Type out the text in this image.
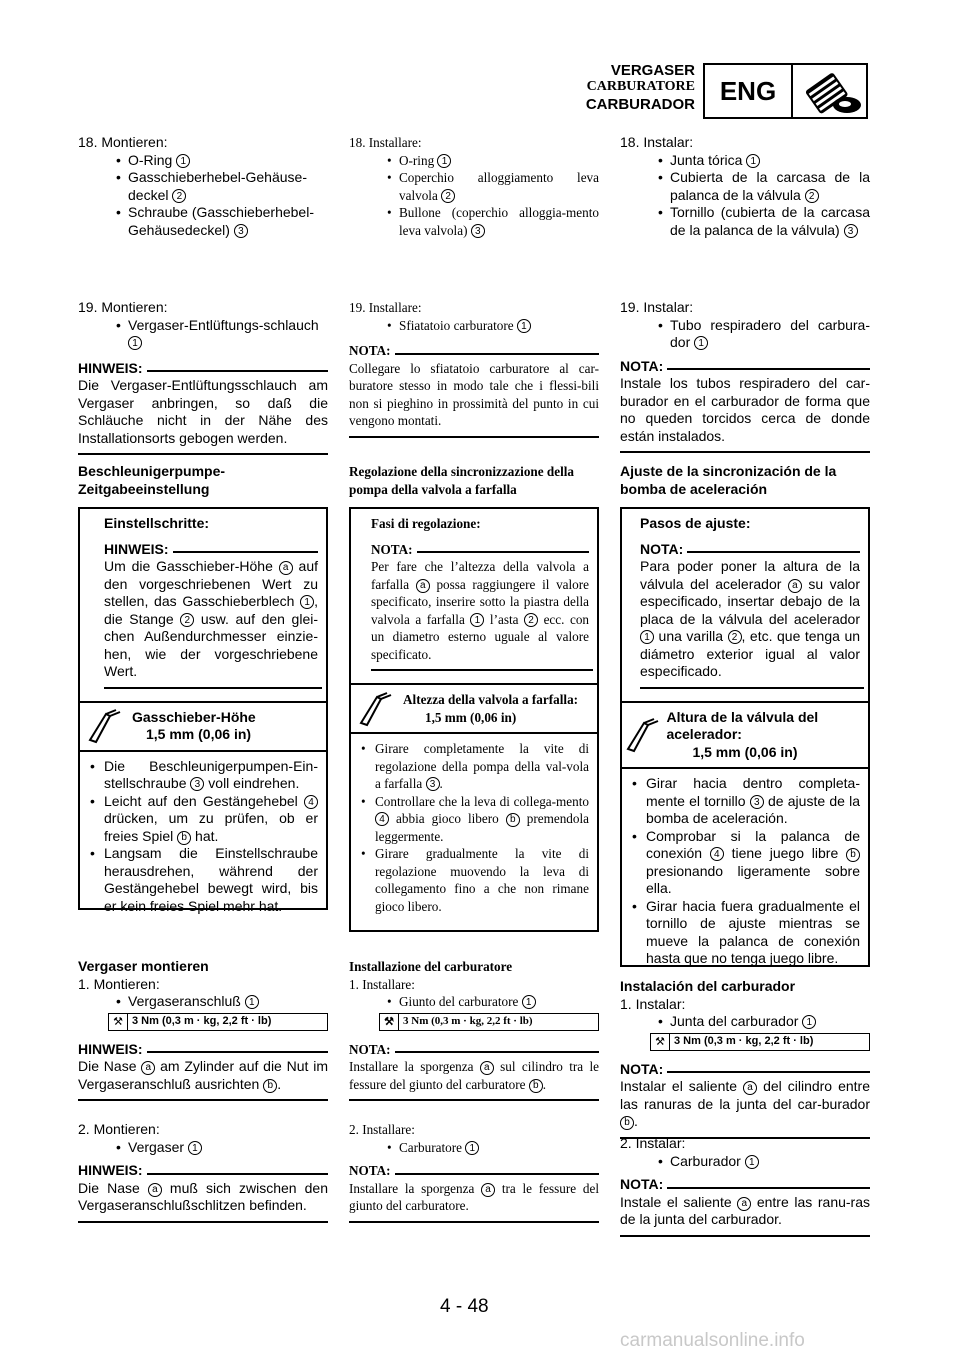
VERGASER
CARBURATORE
CARBURADOR ENG
18. Montieren:
• O-Ring 1
• Gasschieberhebel-Gehäuse-deckel 2
• Schraube (Gasschieberhebel-Gehäusedeckel) 3
19. Montieren:
• Vergaser-Entlüftungs-schlauch 1
HINWEIS:
Die Vergaser-Entlüftungsschlauch am Vergaser anbringen, so daß die Schläuche nicht in der Nähe des Installationsorts gebogen werden.
Beschleunigerpumpe-Zeitgabeeinstellung
Einstellschritte:
HINWEIS:
Um die Gasschieber-Höhe a auf den vorgeschriebenen Wert zu stellen, das Gasschieberblech 1 , die Stange 2 usw. auf den glei-chen Außendurchmesser einzie-hen, wie der vorgeschriebene Wert.
Gasschieber-Höhe
1,5 mm (0,06 in)
• Die Beschleunigerpumpen-Ein-stellschraube 3 voll eindrehen.
• Leicht auf den Gestängehebel 4 drücken, um zu prüfen, ob er freies Spiel b hat.
• Langsam die Einstellschraube herausdrehen, während der Gestängehebel bewegt wird, bis er kein freies Spiel mehr hat.
Vergaser montieren
1. Montieren:
• Vergaseranschluß 1
⚒ 3 Nm (0,3 m · kg, 2,2 ft · lb)
HINWEIS:
Die Nase a am Zylinder auf die Nut im Vergaseranschluß ausrichten b .
2. Montieren:
• Vergaser 1
HINWEIS:
Die Nase a muß sich zwischen den Vergaseranschlußschlitzen befinden.
18. Installare:
• O-ring 1
• Coperchio alloggiamento leva valvola 2
• Bullone (coperchio alloggia-mento leva valvola) 3
19. Installare:
• Sfiatatoio carburatore 1
NOTA:
Collegare lo sfiatatoio carburatore al car-buratore stesso in modo tale che i flessi-bili non si pieghino in prossimità del punto in cui vengono montati.
Regolazione della sincronizzazione della pompa della valvola a farfalla
Fasi di regolazione:
NOTA:
Per fare che l’altezza della valvola a farfalla a possa raggiungere il valore specificato, inserire sotto la piastra della valvola a farfalla 1 l’asta 2 ecc. con un diametro esterno uguale al valore specificato.
Altezza della valvola a farfalla:
1,5 mm (0,06 in)
• Girare completamente la vite di regolazione della pompa della val-vola a farfalla 3 .
• Controllare che la leva di collega-mento 4 abbia gioco libero b premendola leggermente.
• Girare gradualmente la vite di regolazione muovendo la leva di collegamento fino a che non rimane gioco libero.
Installazione del carburatore
1. Installare:
• Giunto del carburatore 1
⚒ 3 Nm (0,3 m · kg, 2,2 ft · lb)
NOTA:
Installare la sporgenza a sul cilindro tra le fessure del giunto del carburatore b .
2. Installare:
• Carburatore 1
NOTA:
Installare la sporgenza a tra le fessure del giunto del carburatore.
18. Instalar:
• Junta tórica 1
• Cubierta de la carcasa de la palanca de la válvula 2
• Tornillo (cubierta de la carcasa de la palanca de la válvula) 3
19. Instalar:
• Tubo respiradero del carbura-dor 1
NOTA:
Instale los tubos respiradero del car-burador en el carburador de forma que no queden torcidos cerca de donde están instalados.
Ajuste de la sincronización de la bomba de aceleración
Pasos de ajuste:
NOTA:
Para poder poner la altura de la válvula del acelerador a su valor especificado, insertar debajo de la placa de la válvula del acelerador 1 una varilla 2 , etc. que tenga un diámetro exterior igual al valor especificado.
Altura de la válvula del acelerador:
1,5 mm (0,06 in)
• Girar hacia dentro completa-mente el tornillo 3 de ajuste de la bomba de aceleración.
• Comprobar si la palanca de conexión 4 tiene juego libre b presionando ligeramente sobre ella.
• Girar hacia fuera gradualmente el tornillo de ajuste mientras se mueve la palanca de conexión hasta que no tenga juego libre.
Instalación del carburador
1. Instalar:
• Junta del carburador 1
⚒ 3 Nm (0,3 m · kg, 2,2 ft · lb)
NOTA:
Instalar el saliente a del cilindro entre las ranuras de la junta del car-burador b .
2. Instalar:
• Carburador 1
NOTA:
Instale el saliente a entre las ranu-ras de la junta del carburador.
4 - 48
carmanualsonline.info
